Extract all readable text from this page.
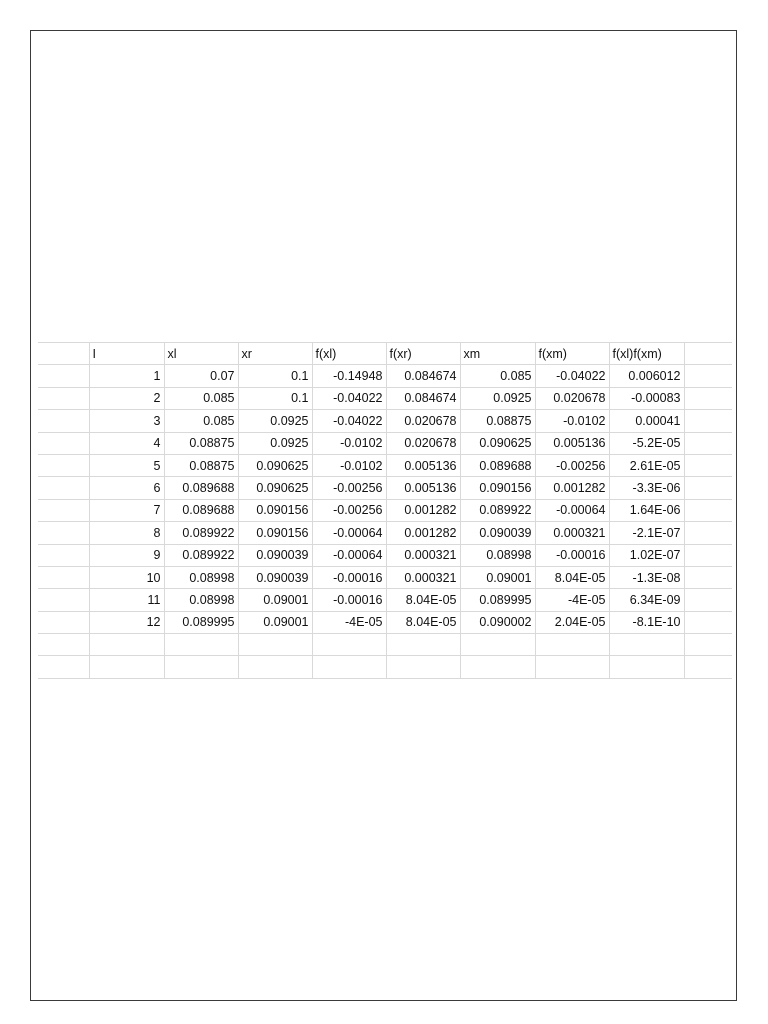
	I	xl	xr	f(xl)	f(xr)	xm	f(xm)	f(xl)f(xm)	
	1	0.07	0.1	-0.14948	0.084674	0.085	-0.04022	0.006012	
	2	0.085	0.1	-0.04022	0.084674	0.0925	0.020678	-0.00083	
	3	0.085	0.0925	-0.04022	0.020678	0.08875	-0.0102	0.00041	
	4	0.08875	0.0925	-0.0102	0.020678	0.090625	0.005136	-5.2E-05	
	5	0.08875	0.090625	-0.0102	0.005136	0.089688	-0.00256	2.61E-05	
	6	0.089688	0.090625	-0.00256	0.005136	0.090156	0.001282	-3.3E-06	
	7	0.089688	0.090156	-0.00256	0.001282	0.089922	-0.00064	1.64E-06	
	8	0.089922	0.090156	-0.00064	0.001282	0.090039	0.000321	-2.1E-07	
	9	0.089922	0.090039	-0.00064	0.000321	0.08998	-0.00016	1.02E-07	
	10	0.08998	0.090039	-0.00016	0.000321	0.09001	8.04E-05	-1.3E-08	
	11	0.08998	0.09001	-0.00016	8.04E-05	0.089995	-4E-05	6.34E-09	
	12	0.089995	0.09001	-4E-05	8.04E-05	0.090002	2.04E-05	-8.1E-10	
